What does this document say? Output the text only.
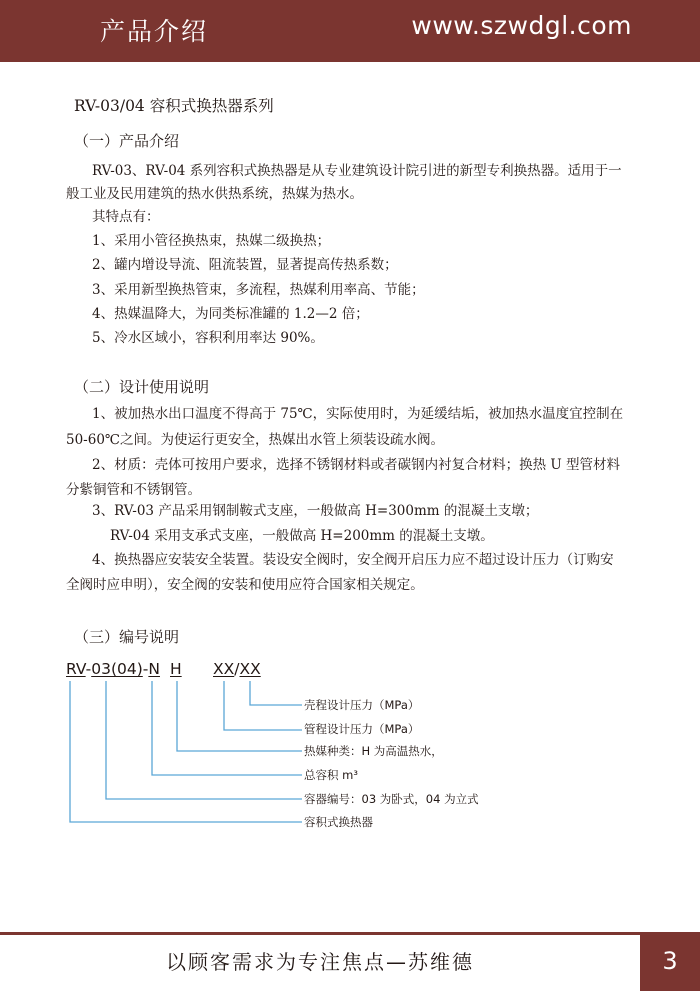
产品介绍	www.szwdgl.com
RV-03/04 容积式换热器系列
（一）产品介绍
RV-03、RV-04 系列容积式换热器是从专业建筑设计院引进的新型专利换热器。适用于一
般工业及民用建筑的热水供热系统，热媒为热水。
其特点有：
1、采用小管径换热束，热媒二级换热；
2、罐内增设导流、阻流装置，显著提高传热系数；
3、采用新型换热管束，多流程，热媒利用率高、节能；
4、热媒温降大，为同类标准罐的 1.2—2 倍；
5、冷水区域小，容积利用率达 90%。
（二）设计使用说明
1、被加热水出口温度不得高于 75℃，实际使用时，为延缓结垢，被加热水温度宜控制在
50-60℃之间。为使运行更安全，热媒出水管上须装设疏水阀。
2、材质：壳体可按用户要求，选择不锈钢材料或者碳钢内衬复合材料；换热 U 型管材料
分紫铜管和不锈钢管。
3、RV-03 产品采用钢制鞍式支座，一般做高 H=300mm 的混凝土支墩；
RV-04 采用支承式支座，一般做高 H=200mm 的混凝土支墩。
4、换热器应安装安全装置。装设安全阀时，安全阀开启压力应不超过设计压力（订购安
全阀时应申明），安全阀的安装和使用应符合国家相关规定。
（三）编号说明
RV-03(04)-N H XX/XX
壳程设计压力（MPa）
管程设计压力（MPa）
热媒种类：H 为高温热水，
总容积 m³
容器编号：03 为卧式，04 为立式
容积式换热器
以顾客需求为专注焦点—苏维德	3
